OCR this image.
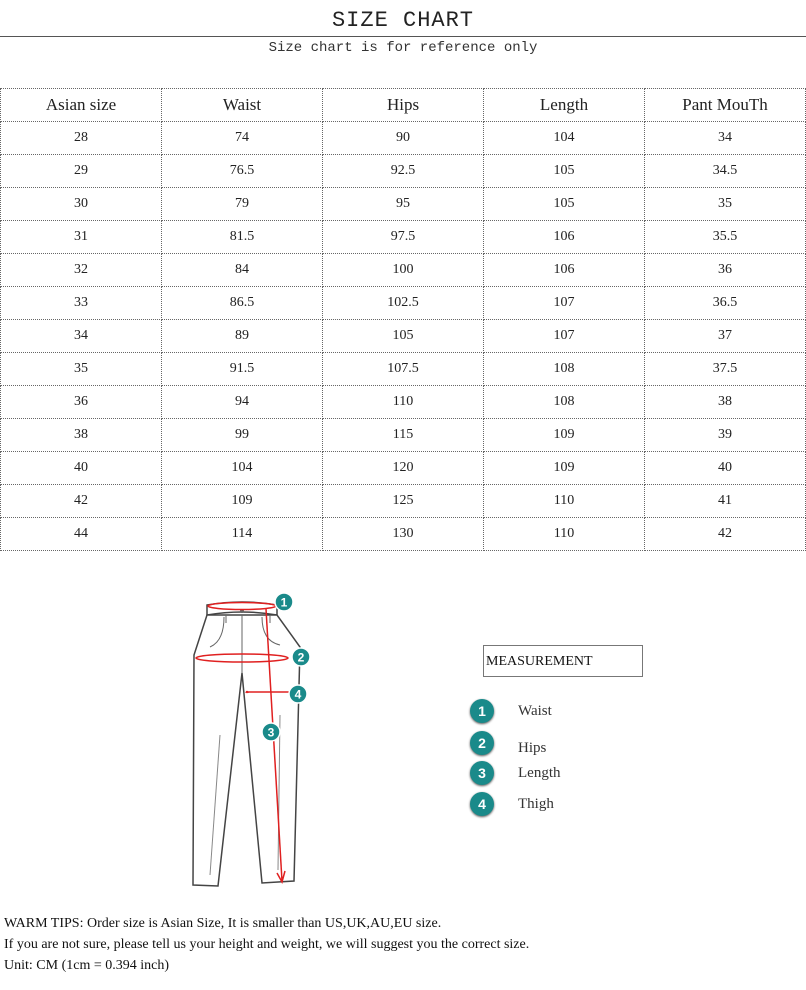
SIZE CHART
Size chart is for reference only
Asian size	Waist	Hips	Length	Pant MouTh
28	74	90	104	34
29	76.5	92.5	105	34.5
30	79	95	105	35
31	81.5	97.5	106	35.5
32	84	100	106	36
33	86.5	102.5	107	36.5
34	89	105	107	37
35	91.5	107.5	108	37.5
36	94	110	108	38
38	99	115	109	39
40	104	120	109	40
42	109	125	110	41
44	114	130	110	42
1
2
3
4
MEASUREMENT
1	Waist
2	Hips
3	Length
4	Thigh
WARM TIPS: Order size is Asian Size, It is smaller than US,UK,AU,EU size.
If you are not sure, please tell us your height and weight, we will suggest you the correct size.
Unit: CM (1cm = 0.394 inch)
